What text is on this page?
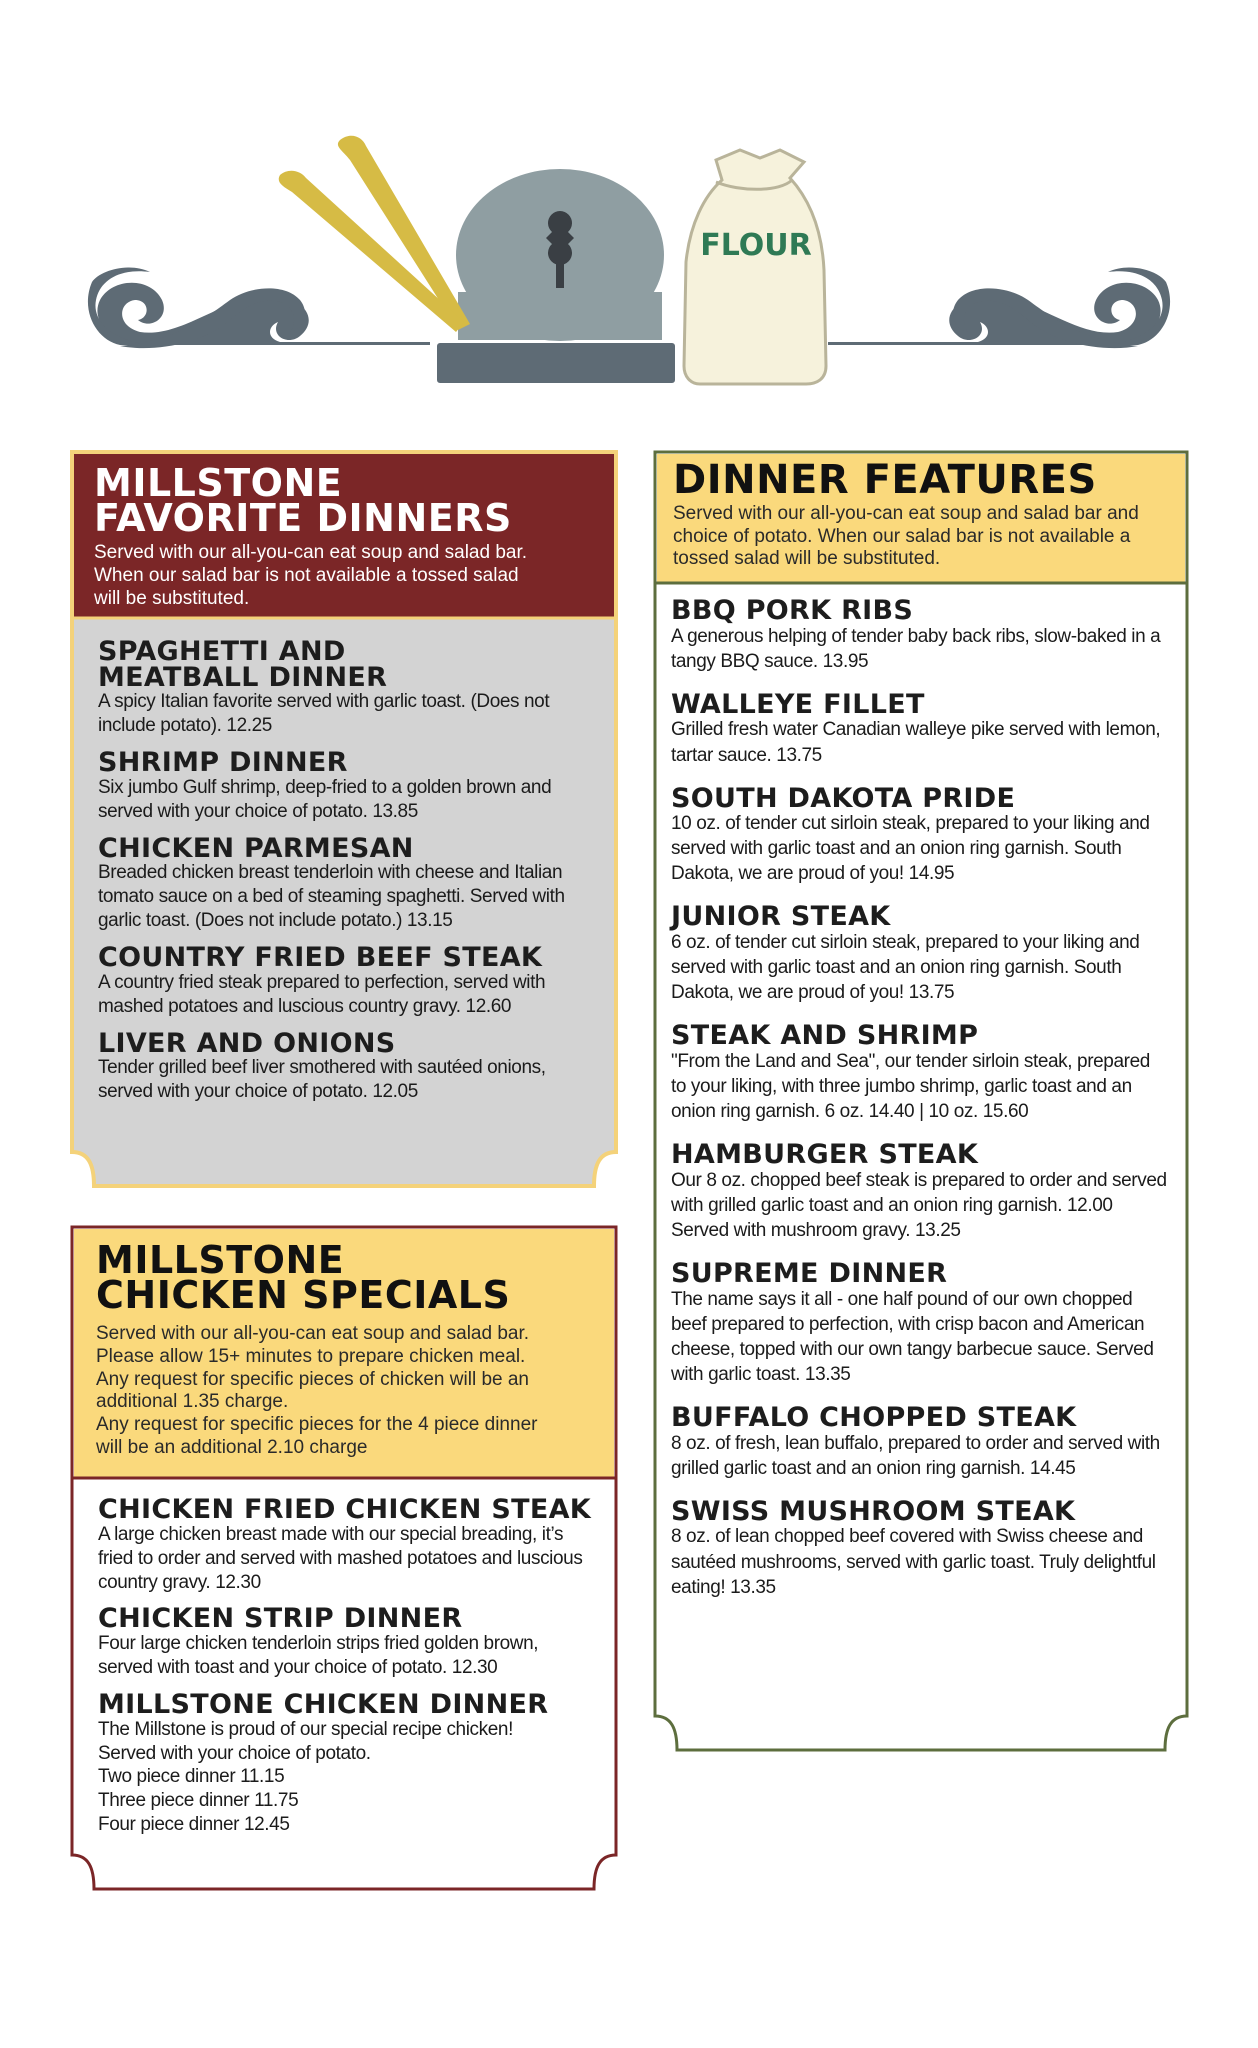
FLOUR
MILLSTONE
FAVORITE DINNERS

Served with our all-you-can eat soup and salad bar.
When our salad bar is not available a tossed salad
will be substituted.

SPAGHETTI AND
MEATBALL DINNER

A spicy Italian favorite served with garlic toast. (Does not
include potato). 12.25

SHRIMP DINNER

Six jumbo Gulf shrimp, deep-fried to a golden brown and
served with your choice of potato. 13.85

CHICKEN PARMESAN

Breaded chicken breast tenderloin with cheese and Italian
tomato sauce on a bed of steaming spaghetti. Served with
garlic toast. (Does not include potato.) 13.15

COUNTRY FRIED BEEF STEAK

A country fried steak prepared to perfection, served with
mashed potatoes and luscious country gravy. 12.60

LIVER AND ONIONS

Tender grilled beef liver smothered with sautéed onions,
served with your choice of potato. 12.05

MILLSTONE
CHICKEN SPECIALS

Served with our all-you-can eat soup and salad bar.
Please allow 15+ minutes to prepare chicken meal.
Any request for specific pieces of chicken will be an
additional 1.35 charge.
Any request for specific pieces for the 4 piece dinner
will be an additional 2.10 charge

CHICKEN FRIED CHICKEN STEAK

A large chicken breast made with our special breading, it’s
fried to order and served with mashed potatoes and luscious
country gravy. 12.30

CHICKEN STRIP DINNER

Four large chicken tenderloin strips fried golden brown,
served with toast and your choice of potato. 12.30

MILLSTONE CHICKEN DINNER

The Millstone is proud of our special recipe chicken!
Served with your choice of potato.
Two piece dinner 11.15
Three piece dinner 11.75
Four piece dinner 12.45

DINNER FEATURES

Served with our all-you-can eat soup and salad bar and
choice of potato. When our salad bar is not available a
tossed salad will be substituted.

BBQ PORK RIBS

A generous helping of tender baby back ribs, slow-baked in a
tangy BBQ sauce. 13.95

WALLEYE FILLET

Grilled fresh water Canadian walleye pike served with lemon,
tartar sauce. 13.75

SOUTH DAKOTA PRIDE

10 oz. of tender cut sirloin steak, prepared to your liking and
served with garlic toast and an onion ring garnish. South
Dakota, we are proud of you! 14.95

JUNIOR STEAK

6 oz. of tender cut sirloin steak, prepared to your liking and
served with garlic toast and an onion ring garnish. South
Dakota, we are proud of you! 13.75

STEAK AND SHRIMP

"From the Land and Sea", our tender sirloin steak, prepared
to your liking, with three jumbo shrimp, garlic toast and an
onion ring garnish. 6 oz. 14.40 | 10 oz. 15.60

HAMBURGER STEAK

Our 8 oz. chopped beef steak is prepared to order and served
with grilled garlic toast and an onion ring garnish. 12.00
Served with mushroom gravy. 13.25

SUPREME DINNER

The name says it all - one half pound of our own chopped
beef prepared to perfection, with crisp bacon and American
cheese, topped with our own tangy barbecue sauce. Served
with garlic toast. 13.35

BUFFALO CHOPPED STEAK

8 oz. of fresh, lean buffalo, prepared to order and served with
grilled garlic toast and an onion ring garnish. 14.45

SWISS MUSHROOM STEAK

8 oz. of lean chopped beef covered with Swiss cheese and
sautéed mushrooms, served with garlic toast. Truly delightful
eating! 13.35
